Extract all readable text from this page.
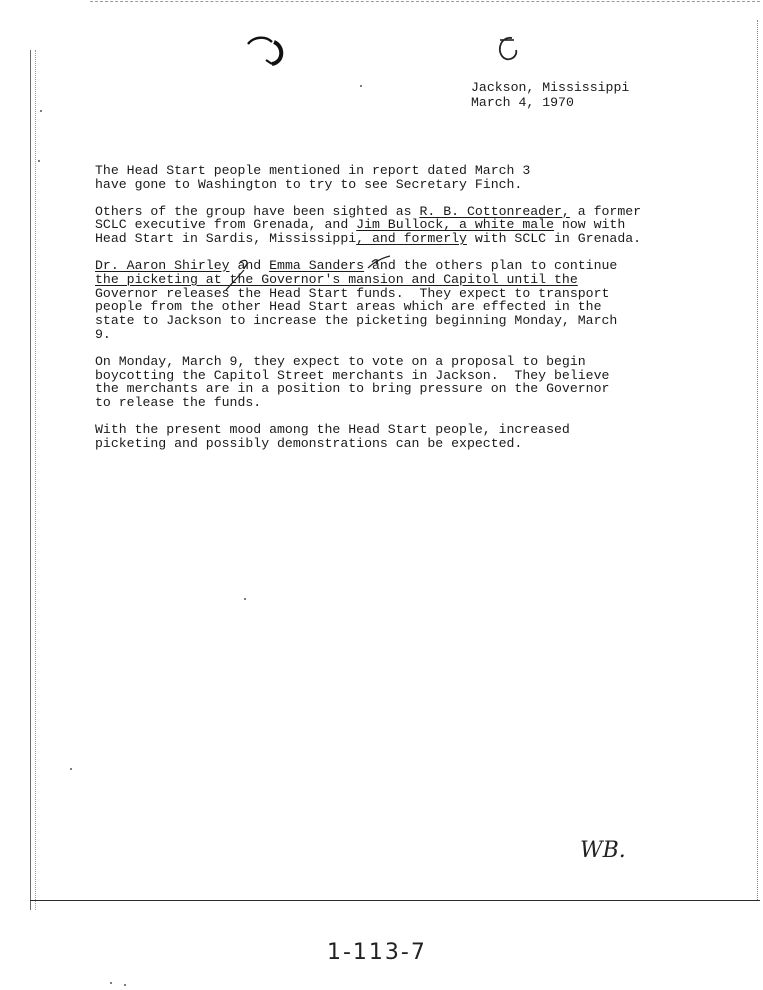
Jackson, Mississippi
March 4, 1970
The Head Start people mentioned in report dated March 3
have gone to Washington to try to see Secretary Finch.
Others of the group have been sighted as R. B. Cottonreader, a former
SCLC executive from Grenada, and Jim Bullock, a white male now with
Head Start in Sardis, Mississippi, and formerly with SCLC in Grenada.
Dr. Aaron Shirley and Emma Sanders and the others plan to continue
the picketing at the Governor's mansion and Capitol until the
Governor releases the Head Start funds.  They expect to transport
people from the other Head Start areas which are effected in the
state to Jackson to increase the picketing beginning Monday, March
9.
On Monday, March 9, they expect to vote on a proposal to begin
boycotting the Capitol Street merchants in Jackson.  They believe
the merchants are in a position to bring pressure on the Governor
to release the funds.
With the present mood among the Head Start people, increased
picketing and possibly demonstrations can be expected.
WB.
1-113-7
